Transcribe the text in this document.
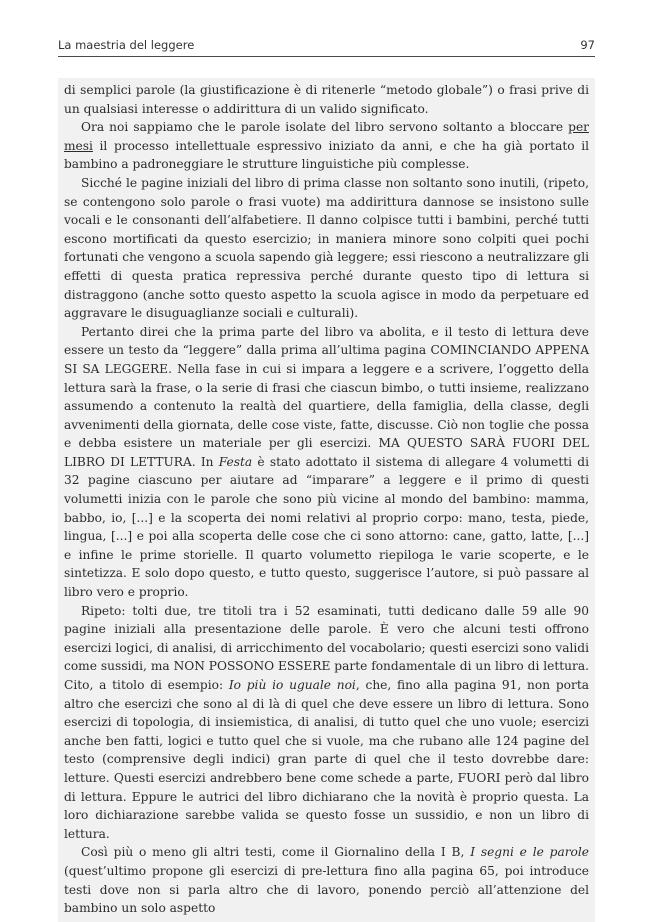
La maestria del leggere	97

di semplici parole (la giustificazione è di ritenerle “metodo globale”) o frasi prive di un qualsiasi interesse o addirittura di un valido significato.

Ora noi sappiamo che le parole isolate del libro servono soltanto a bloccare per mesi il processo intellettuale espressivo iniziato da anni, e che ha già portato il bambino a padroneggiare le strutture linguistiche più complesse.

Sicché le pagine iniziali del libro di prima classe non soltanto sono inutili, (ripeto, se contengono solo parole o frasi vuote) ma addirittura dannose se insistono sulle vocali e le consonanti dell’alfabetiere. Il danno colpisce tutti i bambini, perché tutti escono mortificati da questo esercizio; in maniera minore sono colpiti quei pochi fortunati che vengono a scuola sapendo già leggere; essi riescono a neutralizzare gli effetti di questa pratica repressiva perché durante questo tipo di lettura si distraggono (anche sotto questo aspetto la scuola agisce in modo da perpetuare ed aggravare le disuguaglianze sociali e culturali).

Pertanto direi che la prima parte del libro va abolita, e il testo di lettura deve essere un testo da “leggere” dalla prima all’ultima pagina COMINCIANDO APPENA SI SA LEGGERE. Nella fase in cui si impara a leggere e a scrivere, l’oggetto della lettura sarà la frase, o la serie di frasi che ciascun bimbo, o tutti insieme, realizzano assumendo a contenuto la realtà del quartiere, della famiglia, della classe, degli avvenimenti della giornata, delle cose viste, fatte, discusse. Ciò non toglie che possa e debba esistere un materiale per gli esercizi. MA QUESTO SARÀ FUORI DEL LIBRO DI LETTURA. In Festa è stato adottato il sistema di allegare 4 volumetti di 32 pagine ciascuno per aiutare ad “imparare” a leggere e il primo di questi volumetti inizia con le parole che sono più vicine al mondo del bambino: mamma, babbo, io, [...] e la scoperta dei nomi relativi al proprio corpo: mano, testa, piede, lingua, [...] e poi alla scoperta delle cose che ci sono attorno: cane, gatto, latte, [...] e infine le prime storielle. Il quarto volumetto riepiloga le varie scoperte, e le sintetizza. E solo dopo questo, e tutto questo, suggerisce l’autore, si può passare al libro vero e proprio.

Ripeto: tolti due, tre titoli tra i 52 esaminati, tutti dedicano dalle 59 alle 90 pagine iniziali alla presentazione delle parole. È vero che alcuni testi offrono esercizi logici, di analisi, di arricchimento del vocabolario; questi esercizi sono validi come sussidi, ma NON POSSONO ESSERE parte fondamentale di un libro di lettura. Cito, a titolo di esempio: Io più io uguale noi, che, fino alla pagina 91, non porta altro che esercizi che sono al di là di quel che deve essere un libro di lettura. Sono esercizi di topologia, di insiemistica, di analisi, di tutto quel che uno vuole; esercizi anche ben fatti, logici e tutto quel che si vuole, ma che rubano alle 124 pagine del testo (comprensive degli indici) gran parte di quel che il testo dovrebbe dare: letture. Questi esercizi andrebbero bene come schede a parte, FUORI però dal libro di lettura. Eppure le autrici del libro dichiarano che la novità è proprio questa. La loro dichiarazione sarebbe valida se questo fosse un sussidio, e non un libro di lettura.

Così più o meno gli altri testi, come il Giornalino della I B, I segni e le parole (quest’ultimo propone gli esercizi di pre-lettura fino alla pagina 65, poi introduce testi dove non si parla altro che di lavoro, ponendo perciò all’attenzione del bambino un solo aspetto
